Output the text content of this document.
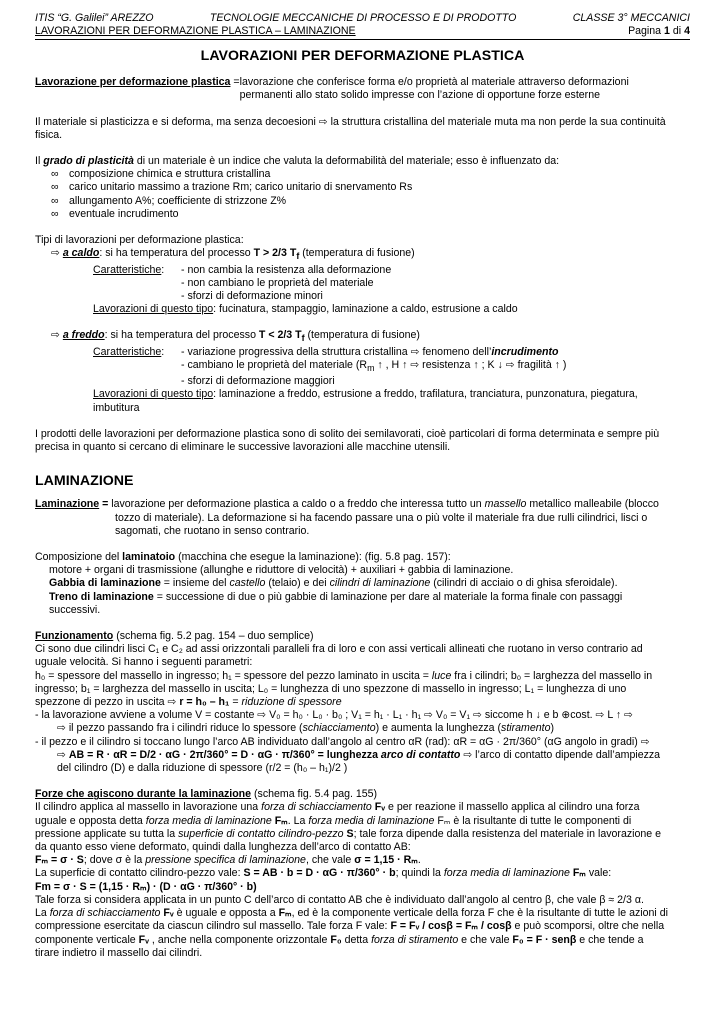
ITIS “G. Galilei” AREZZO	TECNOLOGIE MECCANICHE DI PROCESSO E DI PRODOTTO	CLASSE 3° MECCANICI
LAVORAZIONI PER DEFORMAZIONE PLASTICA – LAMINAZIONE	Pagina 1 di 4
LAVORAZIONI PER DEFORMAZIONE PLASTICA
Lavorazione per deformazione plastica = lavorazione che conferisce forma e/o proprietà al materiale attraverso deformazioni
permanenti allo stato solido impresse con l’azione di opportune forze esterne

Il materiale si plasticizza e si deforma, ma senza decoesioni ⇨ la struttura cristallina del materiale muta ma non perde la sua continuità fisica.

Il grado di plasticità di un materiale è un indice che valuta la deformabilità del materiale; esso è influenzato da:

∞ composizione chimica e struttura cristallina
∞ carico unitario massimo a trazione Rm; carico unitario di snervamento Rs
∞ allungamento A%; coefficiente di strizzone Z%
∞ eventuale incrudimento

Tipi di lavorazioni per deformazione plastica:

⇨ a caldo: si ha temperatura del processo T > 2/3 $T_f$ (temperatura di fusione)
Caratteristiche:	- non cambia la resistenza alla deformazione
- non cambiano le proprietà del materiale
- sforzi di deformazione minori
Lavorazioni di questo tipo: fucinatura, stampaggio, laminazione a caldo, estrusione a caldo
⇨ a freddo: si ha temperatura del processo T < 2/3 $T_f$ (temperatura di fusione)
Caratteristiche:	- variazione progressiva della struttura cristallina ⇨ fenomeno dell’incrudimento
- cambiano le proprietà del materiale ($R_m$ ↑ , H ↑ ⇨ resistenza ↑ ; K ↓ ⇨ fragilità ↑ )
- sforzi di deformazione maggiori
Lavorazioni di questo tipo: laminazione a freddo, estrusione a freddo, trafilatura, tranciatura, punzonatura, piegatura,
imbutitura

I prodotti delle lavorazioni per deformazione plastica sono di solito dei semilavorati, cioè particolari di forma determinata e sempre più precisa in quanto si cercano di eliminare le successive lavorazioni alle macchine utensili.

LAMINAZIONE
Laminazione = lavorazione per deformazione plastica a caldo o a freddo che interessa tutto un massello metallico malleabile (blocco
tozzo di materiale). La deformazione si ha facendo passare una o più volte il materiale fra due rulli cilindrici, lisci o
sagomati, che ruotano in senso contrario.
Composizione del laminatoio (macchina che esegue la laminazione): (fig. 5.8 pag. 157):
motore + organi di trasmissione (allunghe e riduttore di velocità) + auxiliari + gabbia di laminazione.
Gabbia di laminazione = insieme del castello (telaio) e dei cilindri di laminazione (cilindri di acciaio o di ghisa sferoidale).
Treno di laminazione = successione di due o più gabbie di laminazione per dare al materiale la forma finale con passaggi
successivi.
Funzionamento (schema fig. 5.2 pag. 154 – duo semplice)
Ci sono due cilindri lisci C₁ e C₂ ad assi orizzontali paralleli fra di loro e con assi verticali allineati che ruotano in verso contrario ad
uguale velocità. Si hanno i seguenti parametri:
h₀ = spessore del massello in ingresso; h₁ = spessore del pezzo laminato in uscita = luce fra i cilindri; b₀ = larghezza del massello in
ingresso; b₁ = larghezza del massello in uscita; L₀ = lunghezza di uno spezzone di massello in ingresso; L₁ = lunghezza di uno
spezzone di pezzo in uscita ⇨ r = h₀ – h₁ = riduzione di spessore
- la lavorazione avviene a volume V = costante ⇨ V₀ = h₀ · L₀ · b₀ ; V₁ = h₁ · L₁ · h₁ ⇨ V₀ = V₁ ⇨ siccome h ↓ e b ⊕cost. ⇨ L ↑ ⇨
⇨ il pezzo passando fra i cilindri riduce lo spessore (schiacciamento) e aumenta la lunghezza (stiramento)
- il pezzo e il cilindro si toccano lungo l’arco AB individuato dall’angolo al centro αR (rad): αR = αG · 2π/360° (αG angolo in gradi) ⇨
⇨ AB = R · αR = D/2 · αG · 2π/360° = D · αG · π/360° = lunghezza arco di contatto ⇨ l’arco di contatto dipende dall’ampiezza
del cilindro (D) e dalla riduzione di spessore (r/2 = (h₀ – h₁)/2 )
Forze che agiscono durante la laminazione (schema fig. 5.4 pag. 155)
Il cilindro applica al massello in lavorazione una forza di schiacciamento Fᵥ e per reazione il massello applica al cilindro una forza
uguale e opposta detta forza media di laminazione Fₘ. La forza media di laminazione Fₘ è la risultante di tutte le componenti di
pressione applicate su tutta la superficie di contatto cilindro-pezzo S; tale forza dipende dalla resistenza del materiale in lavorazione e
da quanto esso viene deformato, quindi dalla lunghezza dell’arco di contatto AB:
Fₘ = σ · S; dove σ è la pressione specifica di laminazione, che vale σ = 1,15 · Rₘ.
La superficie di contatto cilindro-pezzo vale: S = AB · b = D · αG · π/360° · b; quindi la forza media di laminazione Fₘ vale:
Fm = σ · S = (1,15 · Rₘ) · (D · αG · π/360° · b)
Tale forza si considera applicata in un punto C dell’arco di contatto AB che è individuato dall’angolo al centro β, che vale β ≈ 2/3 α.
La forza di schiacciamento Fᵥ è uguale e opposta a Fₘ, ed è la componente verticale della forza F che è la risultante di tutte le azioni di
compressione esercitate da ciascun cilindro sul massello. Tale forza F vale: F = Fᵥ / cosβ = Fₘ / cosβ e può scomporsi, oltre che nella
componente verticale Fᵥ , anche nella componente orizzontale F₀ detta forza di stiramento e che vale F₀ = F · senβ e che tende a
tirare indietro il massello dai cilindri.
